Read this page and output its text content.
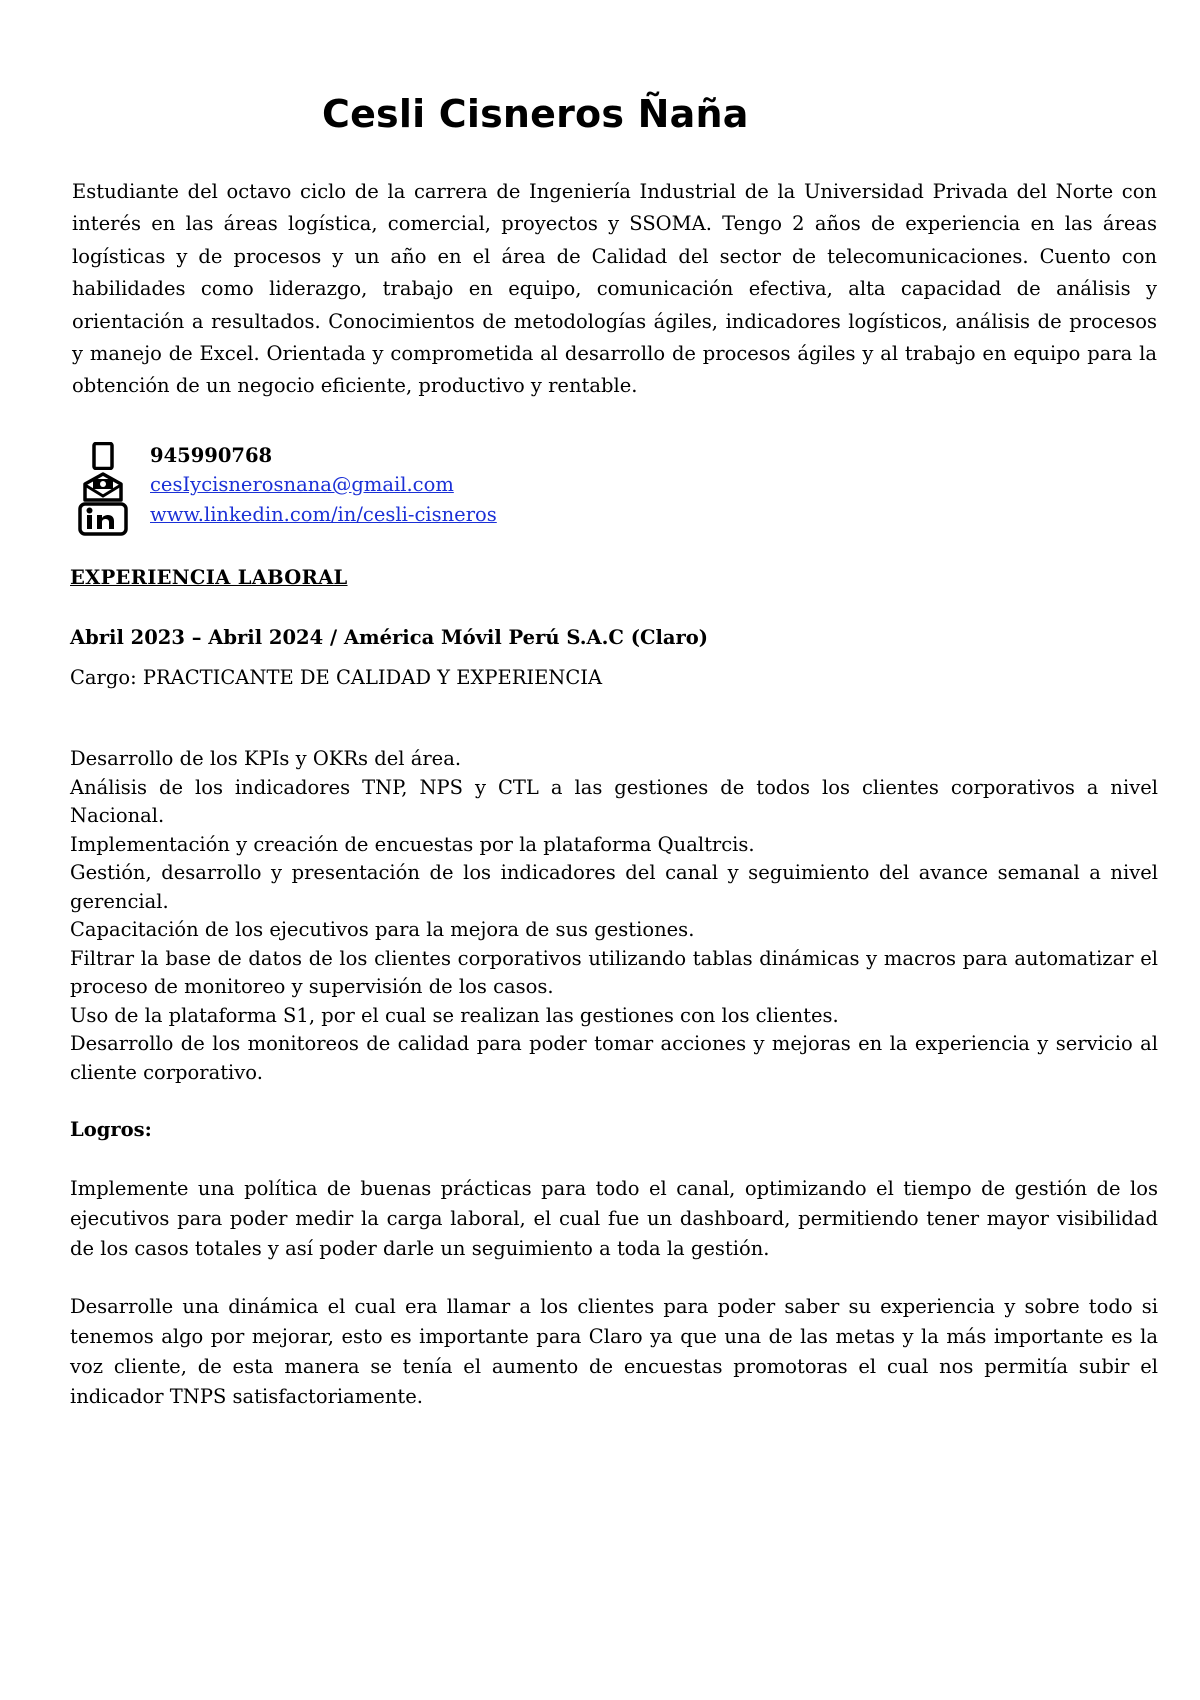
Cesli Cisneros Ñaña

Estudiante del octavo ciclo de la carrera de Ingeniería Industrial de la Universidad Privada del Norte con interés en las áreas logística, comercial, proyectos y SSOMA. Tengo 2 años de experiencia en las áreas logísticas y de procesos y un año en el área de Calidad del sector de telecomunicaciones. Cuento con habilidades como liderazgo, trabajo en equipo, comunicación efectiva, alta capacidad de análisis y orientación a resultados. Conocimientos de metodologías ágiles, indicadores logísticos, análisis de procesos y manejo de Excel. Orientada y comprometida al desarrollo de procesos ágiles y al trabajo en equipo para la obtención de un negocio eficiente, productivo y rentable.

945990768
cesIycisnerosnana@gmail.com
www.linkedin.com/in/cesli-cisneros
EXPERIENCIA LABORAL

Abril 2023 – Abril 2024 / América Móvil Perú S.A.C (Claro)

Cargo: PRACTICANTE DE CALIDAD Y EXPERIENCIA

Desarrollo de los KPIs y OKRs del área.
Análisis de los indicadores TNP, NPS y CTL a las gestiones de todos los clientes corporativos a nivel Nacional.
Implementación y creación de encuestas por la plataforma Qualtrcis.
Gestión, desarrollo y presentación de los indicadores del canal y seguimiento del avance semanal a nivel gerencial.
Capacitación de los ejecutivos para la mejora de sus gestiones.
Filtrar la base de datos de los clientes corporativos utilizando tablas dinámicas y macros para automatizar el proceso de monitoreo y supervisión de los casos.
Uso de la plataforma S1, por el cual se realizan las gestiones con los clientes.
Desarrollo de los monitoreos de calidad para poder tomar acciones y mejoras en la experiencia y servicio al cliente corporativo.

Logros:

Implemente una política de buenas prácticas para todo el canal, optimizando el tiempo de gestión de los ejecutivos para poder medir la carga laboral, el cual fue un dashboard, permitiendo tener mayor visibilidad de los casos totales y así poder darle un seguimiento a toda la gestión.

Desarrolle una dinámica el cual era llamar a los clientes para poder saber su experiencia y sobre todo si tenemos algo por mejorar, esto es importante para Claro ya que una de las metas y la más importante es la voz cliente, de esta manera se tenía el aumento de encuestas promotoras el cual nos permitía subir el indicador TNPS satisfactoriamente.
